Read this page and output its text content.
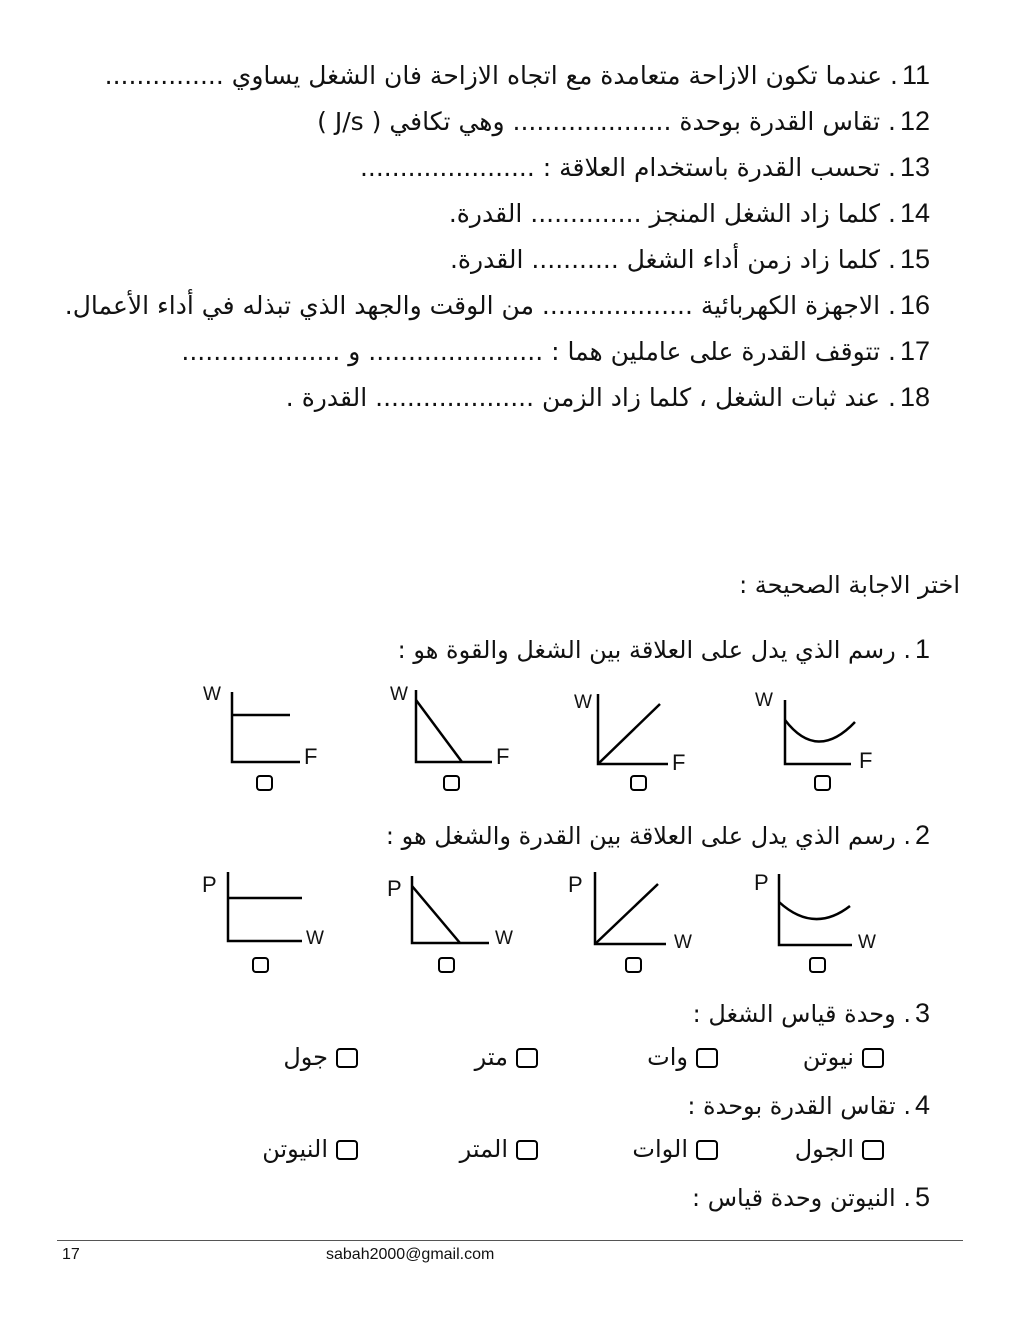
11. عندما تكون الازاحة متعامدة مع اتجاه الازاحة فان الشغل يساوي ...............
12. تقاس القدرة بوحدة .................... وهي تكافي ( J/s )
13. تحسب القدرة باستخدام العلاقة : ......................
14. كلما زاد الشغل المنجز .............. القدرة.
15. كلما زاد زمن أداء الشغل ........... القدرة.
16. الاجهزة الكهربائية ................... من الوقت والجهد الذي تبذله في أداء الأعمال.
17. تتوقف القدرة على عاملين هما : ...................... و ....................
18. عند ثبات الشغل ، كلما زاد الزمن .................... القدرة .
اختر الاجابة الصحيحة :
1. رسم الذي يدل على العلاقة بين الشغل والقوة هو :
W
F
W
F
W
F
W
F
2. رسم الذي يدل على العلاقة بين القدرة والشغل هو :
P
W
P
W
P
W
P
W
3. وحدة قياس الشغل :
نيوتن
وات
متر
جول
4. تقاس القدرة بوحدة :
الجول
الوات
المتر
النيوتن
5. النيوتن وحدة قياس :
17	sabah2000@gmail.com
